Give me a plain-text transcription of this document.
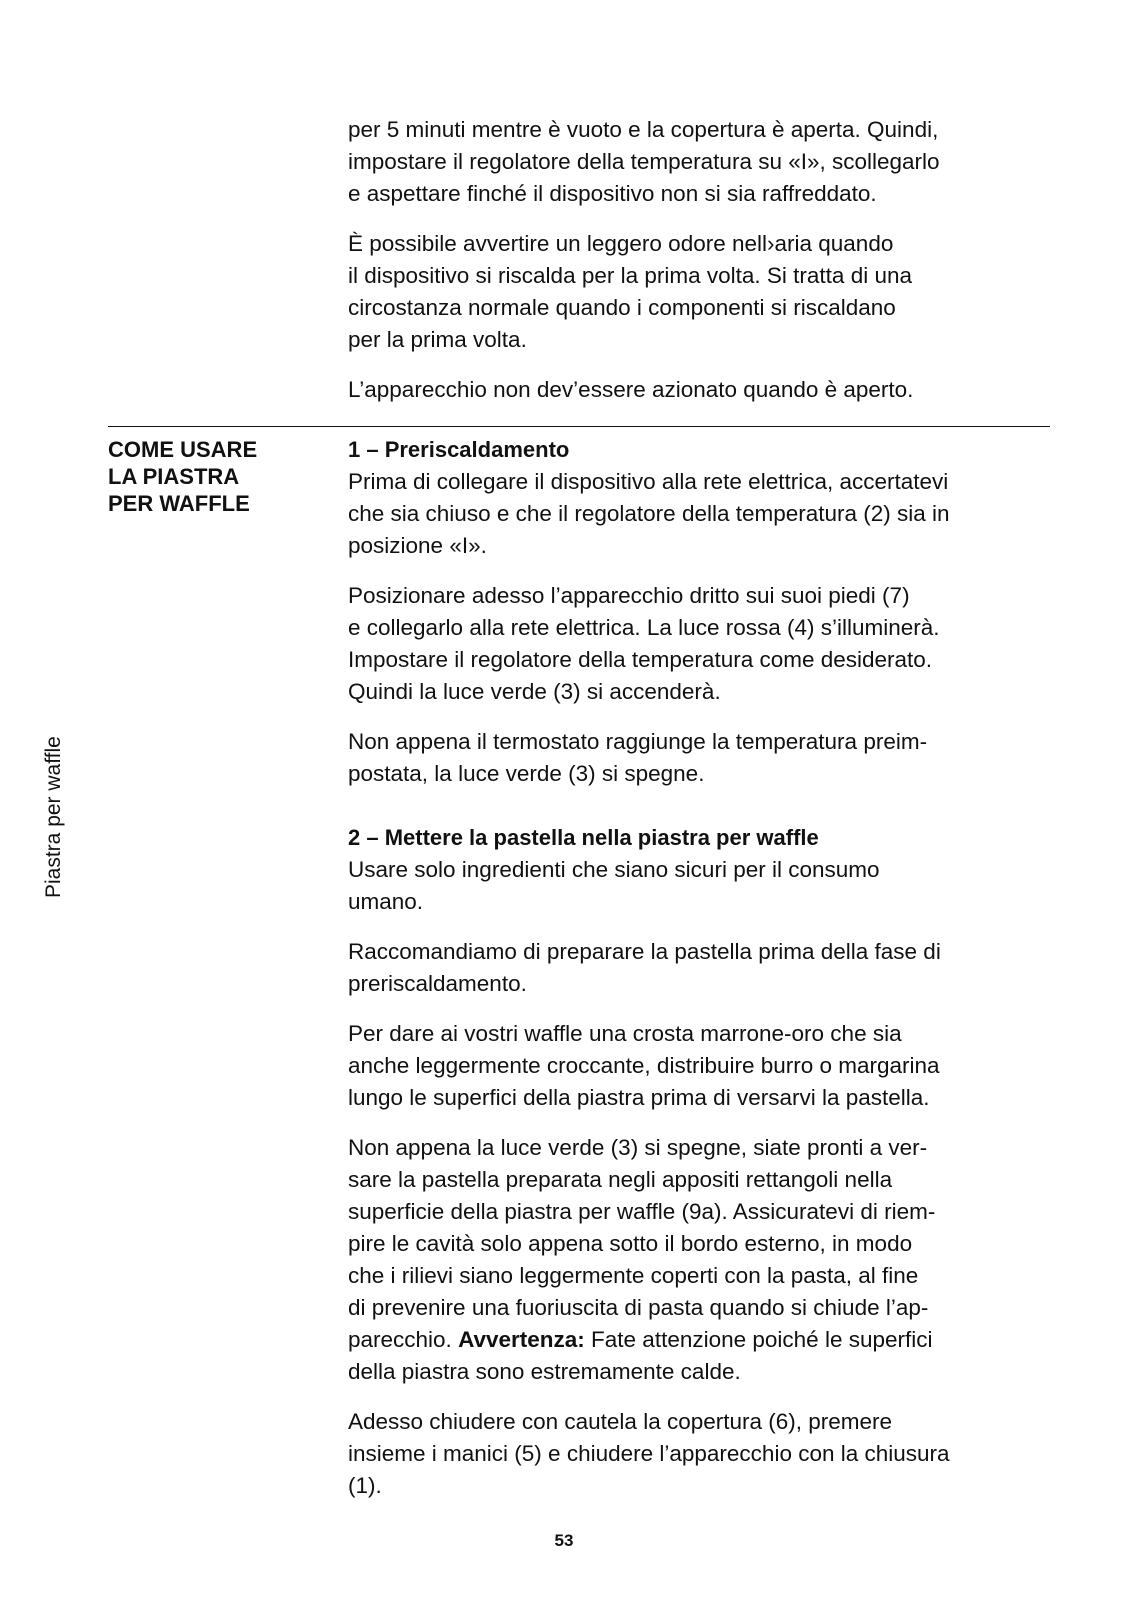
Piastra per waffle
per 5 minuti mentre è vuoto e la copertura è aperta. Quindi,
impostare il regolatore della temperatura su «I», scollegarlo
e aspettare finché il dispositivo non si sia raffreddato.
È possibile avvertire un leggero odore nell›aria quando
il dispositivo si riscalda per la prima volta. Si tratta di una
circostanza normale quando i componenti si riscaldano
per la prima volta.
L’apparecchio non dev’essere azionato quando è aperto.
COME USARE
LA PIASTRA
PER WAFFLE
1 – Preriscaldamento
Prima di collegare il dispositivo alla rete elettrica, accertatevi
che sia chiuso e che il regolatore della temperatura (2) sia in
posizione «I».
Posizionare adesso l’apparecchio dritto sui suoi piedi (7)
e collegarlo alla rete elettrica. La luce rossa (4) s’illuminerà.
Impostare il regolatore della temperatura come desiderato.
Quindi la luce verde (3) si accenderà.
Non appena il termostato raggiunge la temperatura preim-
postata, la luce verde (3) si spegne.
2 – Mettere la pastella nella piastra per waffle
Usare solo ingredienti che siano sicuri per il consumo
umano.
Raccomandiamo di preparare la pastella prima della fase di
preriscaldamento.
Per dare ai vostri waffle una crosta marrone-oro che sia
anche leggermente croccante, distribuire burro o margarina
lungo le superfici della piastra prima di versarvi la pastella.
Non appena la luce verde (3) si spegne, siate pronti a ver-
sare la pastella preparata negli appositi rettangoli nella
superficie della piastra per waffle (9a). Assicuratevi di riem-
pire le cavità solo appena sotto il bordo esterno, in modo
che i rilievi siano leggermente coperti con la pasta, al fine
di prevenire una fuoriuscita di pasta quando si chiude l’ap-
parecchio. Avvertenza: Fate attenzione poiché le superfici
della piastra sono estremamente calde.
Adesso chiudere con cautela la copertura (6), premere
insieme i manici (5) e chiudere l’apparecchio con la chiusura
(1).
53
